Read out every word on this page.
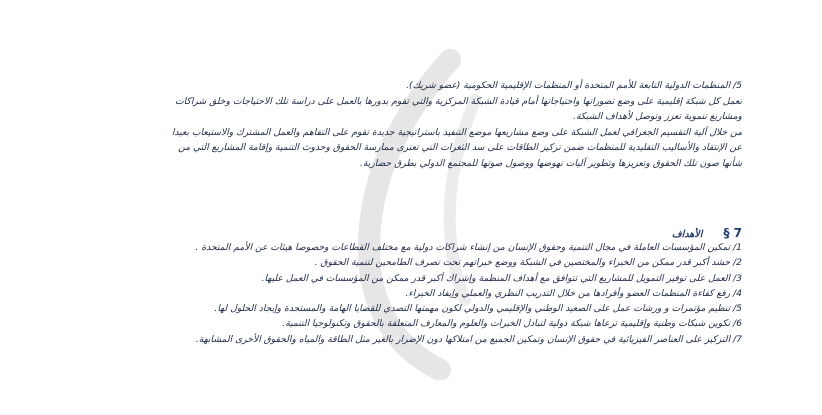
5/ المنظمات الدولية التابعة للأمم المتحدة أو المنظمات الإقليمية الحكومية (عضو شريك).
تعمل كل شبكة إقليمية على وضع تصوراتها واحتياجاتها أمام قيادة الشبكة المركزية والتي تقوم بدورها بالعمل على دراسة تلك الاحتياجات وخلق شراكات
ومشاريع تنموية تعزز وتوصل لأهداف الشبكة.
من خلال آلية التقسيم الجغرافي لعمل الشبكة على وضع مشاريعها موضع التنفيذ باستراتيجية جديدة تقوم على التفاهم والعمل المشترك والاستيعاب بعيدا
عن الإنتقاد والأساليب التقليدية للمنظمات ضمن تركيز الطاقات على سد الثغرات التي تعترى ممارسة الحقوق وحدوث التنمية وإقامة المشاريع التي من
شأنها صون تلك الحقوق وتعزيزها وتطوير آليات نهوضها ووصول صوتها للمجتمع الدولي بطرق حضارية.
§ 7 الأهداف
1/ تمكين المؤسسات العاملة في مجال التنمية وحقوق الإنسان من إنشاء شراكات دولية مع مختلف القطاعات وخصوصا هيئات عن الأمم المتحدة .
2/ حشد أكبر قدر ممكن من الخبراء والمختصين في الشبكة ووضع خبراتهم تحت تصرف الطامحين لتنمية الحقوق .
3/ العمل على توفير التمويل للمشاريع التي تتوافق مع أهداف المنظمة وإشراك أكبر قدر ممكن من المؤسسات في العمل عليها.
4/ رفع كفاءة المنظمات العضو وأفرادها من خلال التدريب النظري والعملي وإيفاد الخبراء.
5/ تنظيم مؤتمرات و ورشات عمل على الصعيد الوطني والإقليمي والدولي لكون مهمتها التصدي للقضايا الهامة والمستجدة وإيجاد الحلول لها.
6/ تكوين شبكات وطنية وإقليمية ترعاها شبكة دولية لتبادل الخبرات والعلوم والمعارف المتعلقة بالحقوق وتكنولوجيا التنمية.
7/ التركيز على العناصر الفيزيائية في حقوق الإنسان وتمكين الجميع من امتلاكها دون الإضرار بالغير مثل الطاقة والمياه والحقوق الأخرى المشابهة.
